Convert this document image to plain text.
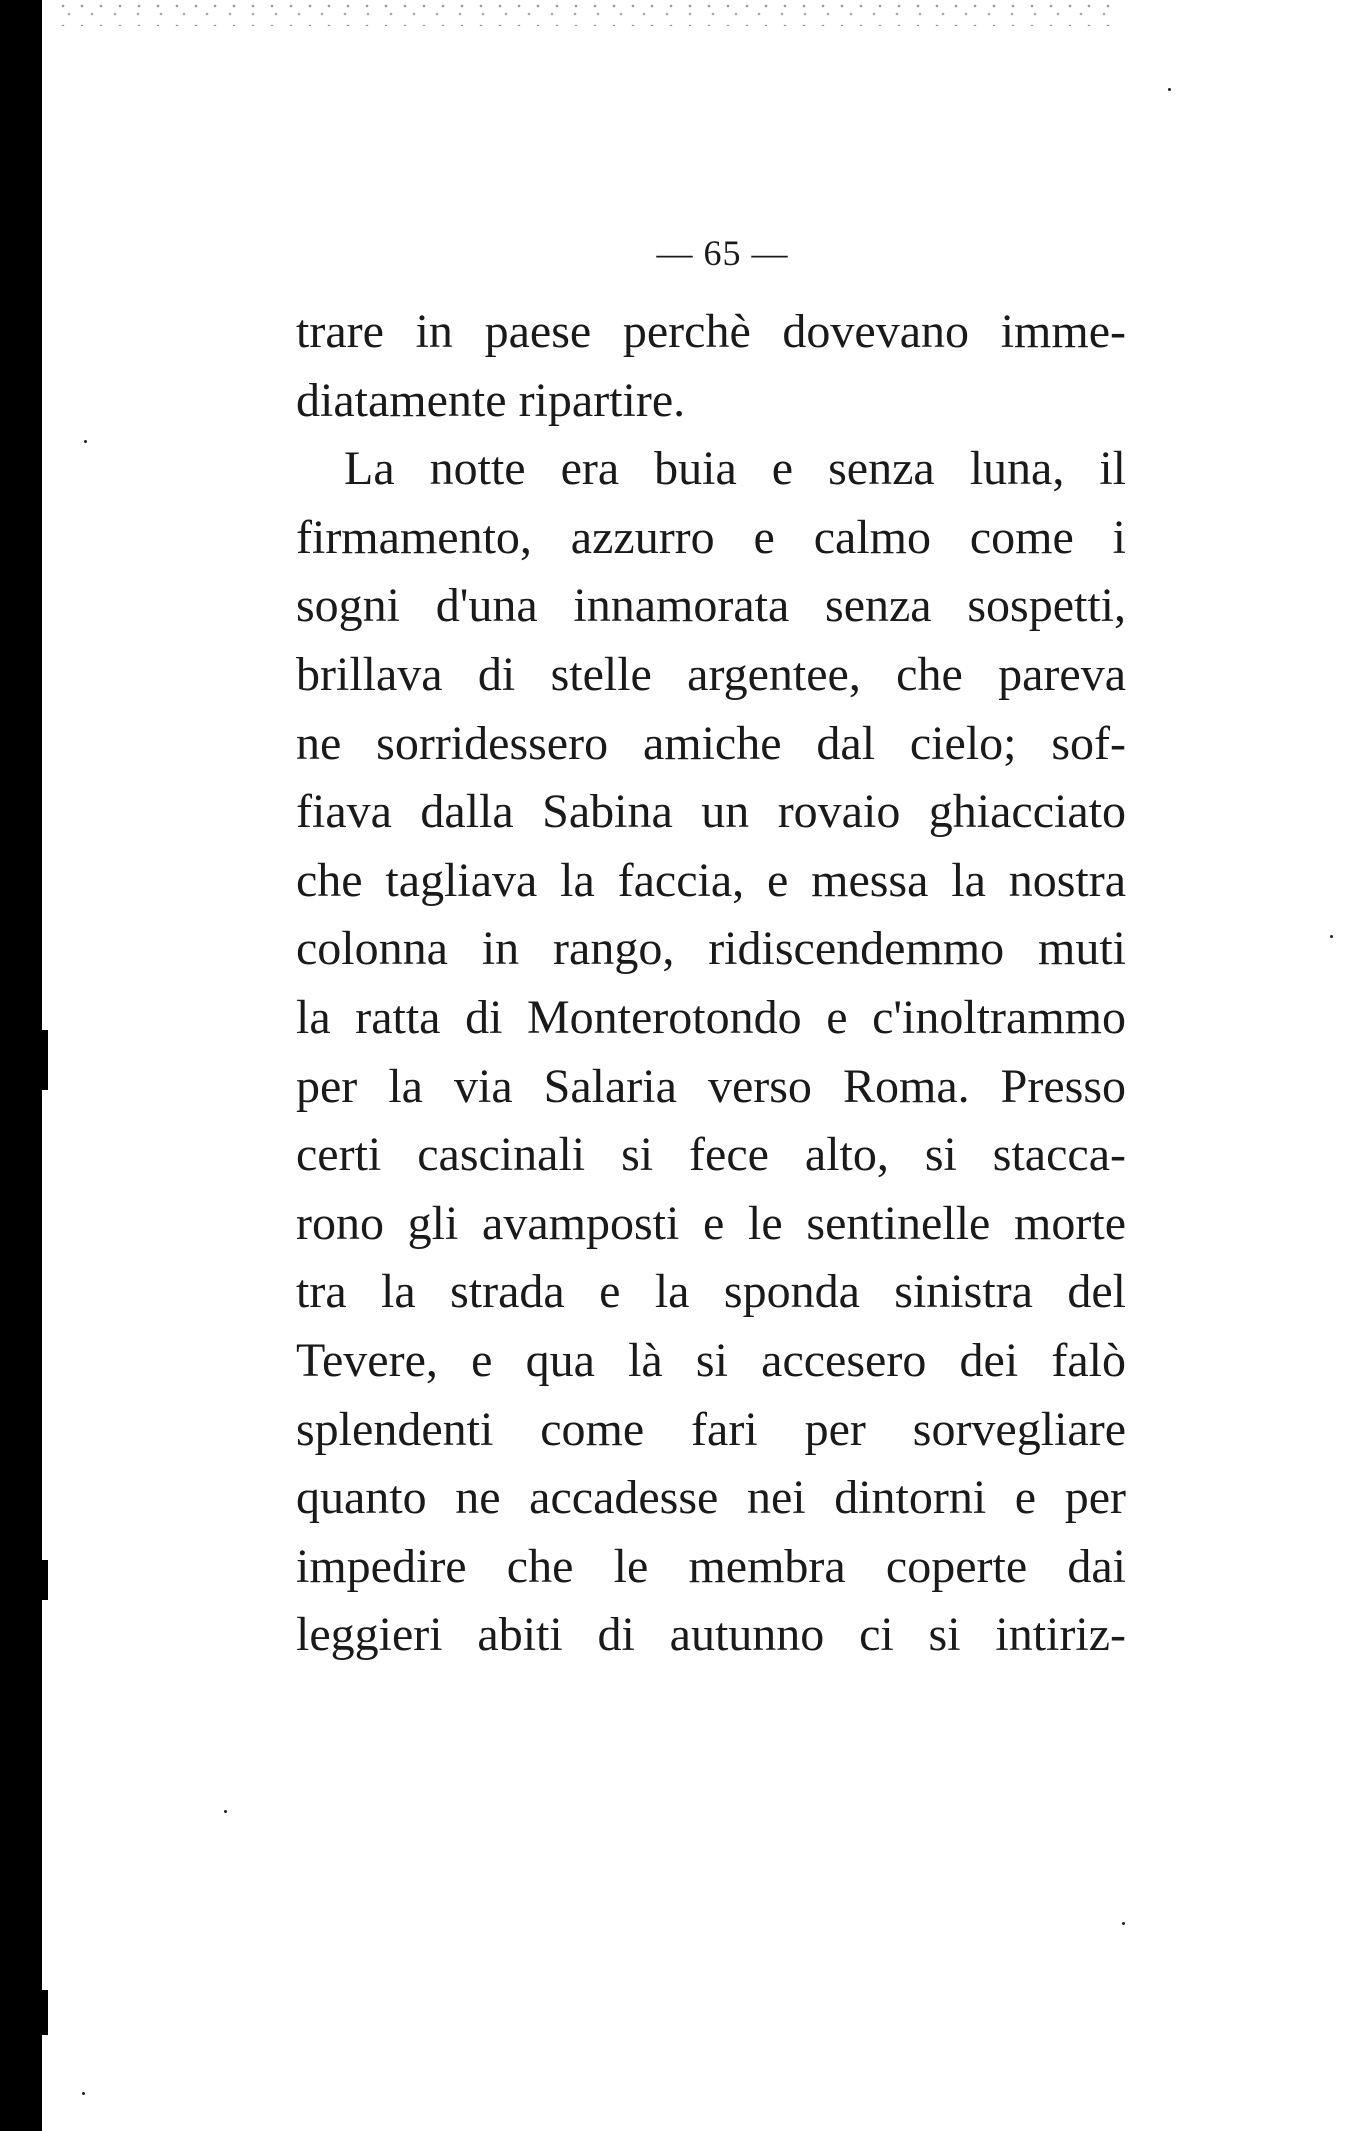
— 65 —
trare in paese perchè dovevano imme-
diatamente ripartire.
La notte era buia e senza luna, il
firmamento, azzurro e calmo come i
sogni d'una innamorata senza sospetti,
brillava di stelle argentee, che pareva
ne sorridessero amiche dal cielo; sof-
fiava dalla Sabina un rovaio ghiacciato
che tagliava la faccia, e messa la nostra
colonna in rango, ridiscendemmo muti
la ratta di Monterotondo e c'inoltrammo
per la via Salaria verso Roma. Presso
certi cascinali si fece alto, si stacca-
rono gli avamposti e le sentinelle morte
tra la strada e la sponda sinistra del
Tevere, e qua là si accesero dei falò
splendenti come fari per sorvegliare
quanto ne accadesse nei dintorni e per
impedire che le membra coperte dai
leggieri abiti di autunno ci si intiriz-
